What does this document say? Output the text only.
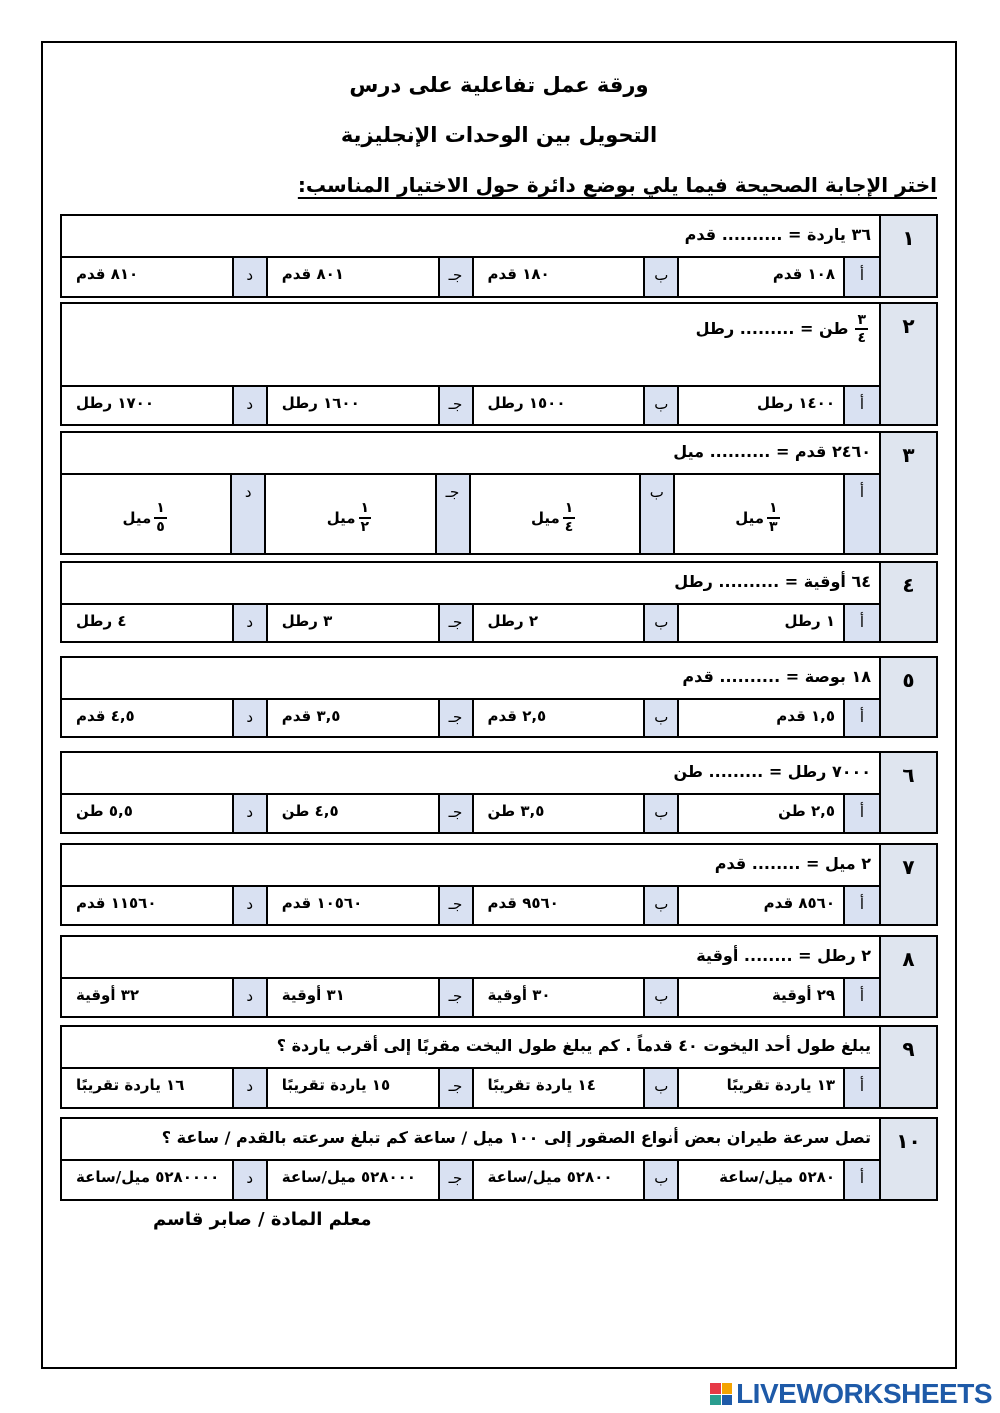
ورقة عمل تفاعلية على درس
التحويل بين الوحدات الإنجليزية
اختر الإجابة الصحيحة فيما يلي بوضع دائرة حول الاختيار المناسب:
١
٣٦ ياردة = .......... قدم
أ
١٠٨ قدم
ب
١٨٠ قدم
جـ
٨٠١ قدم
د
٨١٠ قدم
٢
$\frac{٣}{٤}$
طن = ......... رطل
أ
١٤٠٠ رطل
ب
١٥٠٠ رطل
جـ
١٦٠٠ رطل
د
١٧٠٠ رطل
٣
٢٤٦٠ قدم = .......... ميل
أ
$\frac{١}{٣}$
ميل
ب
$\frac{١}{٤}$
ميل
جـ
$\frac{١}{٢}$
ميل
د
$\frac{١}{٥}$
ميل
٤
٦٤ أوقية = .......... رطل
أ
١ رطل
ب
٢ رطل
جـ
٣ رطل
د
٤ رطل
٥
١٨ بوصة = .......... قدم
أ
١,٥ قدم
ب
٢,٥ قدم
جـ
٣,٥ قدم
د
٤,٥ قدم
٦
٧٠٠٠ رطل = ......... طن
أ
٢,٥ طن
ب
٣,٥ طن
جـ
٤,٥ طن
د
٥,٥ طن
٧
٢ ميل = ........ قدم
أ
٨٥٦٠ قدم
ب
٩٥٦٠ قدم
جـ
١٠٥٦٠ قدم
د
١١٥٦٠ قدم
٨
٢ رطل = ........ أوقية
أ
٢٩ أوقية
ب
٣٠ أوقية
جـ
٣١ أوقية
د
٣٢ أوقية
٩
يبلغ طول أحد اليخوت ٤٠ قدماً . كم يبلغ طول اليخت مقربًا إلى أقرب ياردة ؟
أ
١٣ ياردة تقريبًا
ب
١٤ ياردة تقريبًا
جـ
١٥ ياردة تقريبًا
د
١٦ ياردة تقريبًا
١٠
تصل سرعة طيران بعض أنواع الصقور إلى ١٠٠ ميل / ساعة كم تبلغ سرعته بالقدم / ساعة ؟
أ
٥٢٨٠ ميل/ساعة
ب
٥٢٨٠٠ ميل/ساعة
جـ
٥٢٨٠٠٠ ميل/ساعة
د
٥٢٨٠٠٠٠ ميل/ساعة
معلم المادة / صابر قاسم
LIVEWORKSHEETS
